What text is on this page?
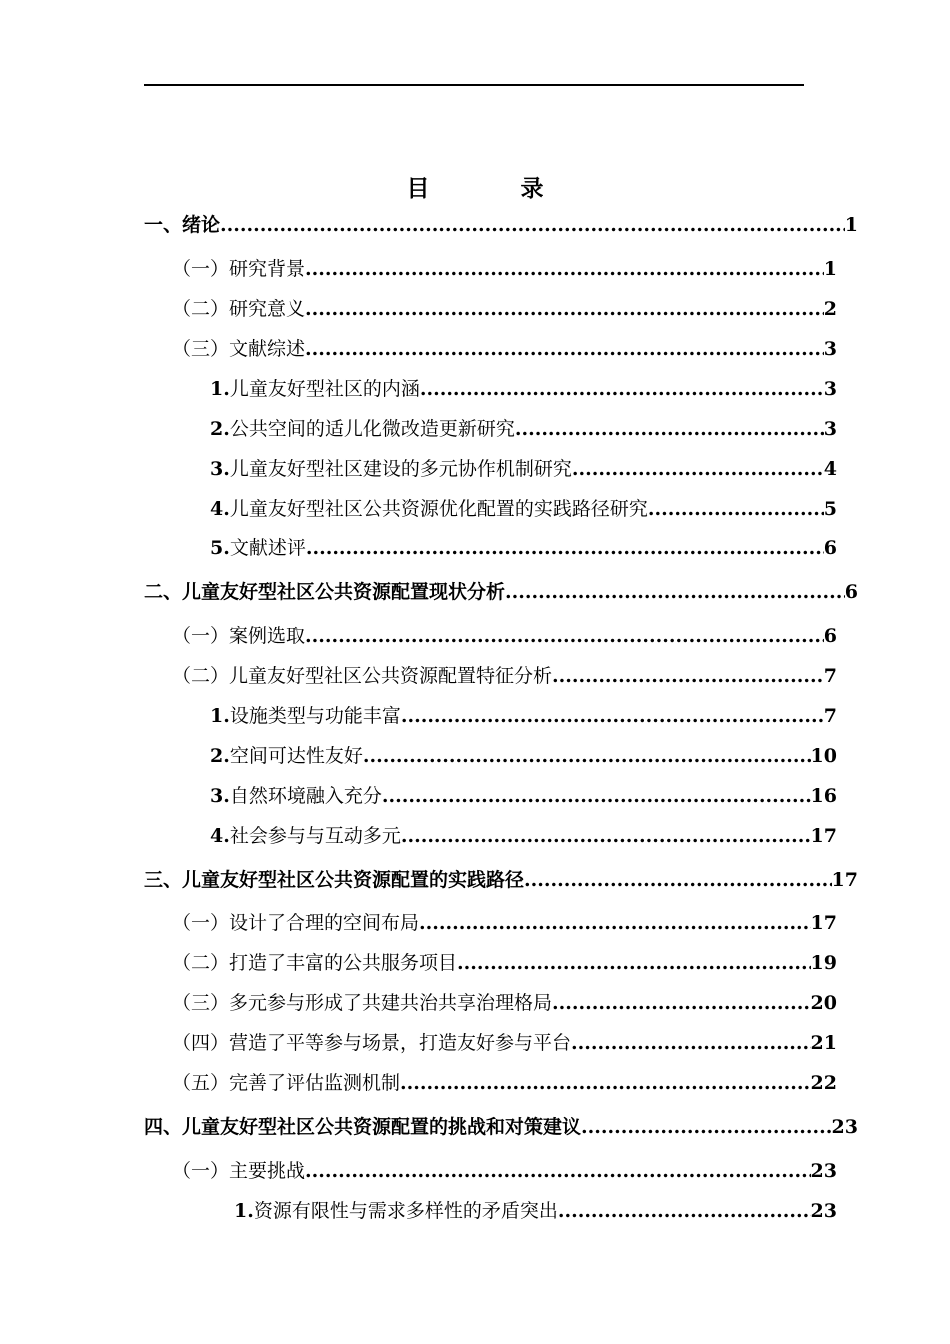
目　录
一、绪论 .....	1
（一）研究背景 .....	1
（二）研究意义 .....	2
（三）文献综述 .....	3
1. 儿童友好型社区的内涵 .....	3
2. 公共空间的适儿化微改造更新研究 .....	3
3. 儿童友好型社区建设的多元协作机制研究 .....	4
4. 儿童友好型社区公共资源优化配置的实践路径研究 .....	5
5. 文献述评 .....	6
二、儿童友好型社区公共资源配置现状分析 .....	6
（一）案例选取 .....	6
（二）儿童友好型社区公共资源配置特征分析 .....	7
1. 设施类型与功能丰富 .....	7
2. 空间可达性友好 .....	10
3. 自然环境融入充分 .....	16
4. 社会参与与互动多元 .....	17
三、儿童友好型社区公共资源配置的实践路径 .....	17
（一）设计了合理的空间布局 .....	17
（二）打造了丰富的公共服务项目 .....	19
（三）多元参与形成了共建共治共享治理格局 .....	20
（四）营造了平等参与场景，打造友好参与平台 .....	21
（五）完善了评估监测机制 .....	22
四、儿童友好型社区公共资源配置的挑战和对策建议 .....	23
（一）主要挑战 .....	23
1. 资源有限性与需求多样性的矛盾突出 .....	23
